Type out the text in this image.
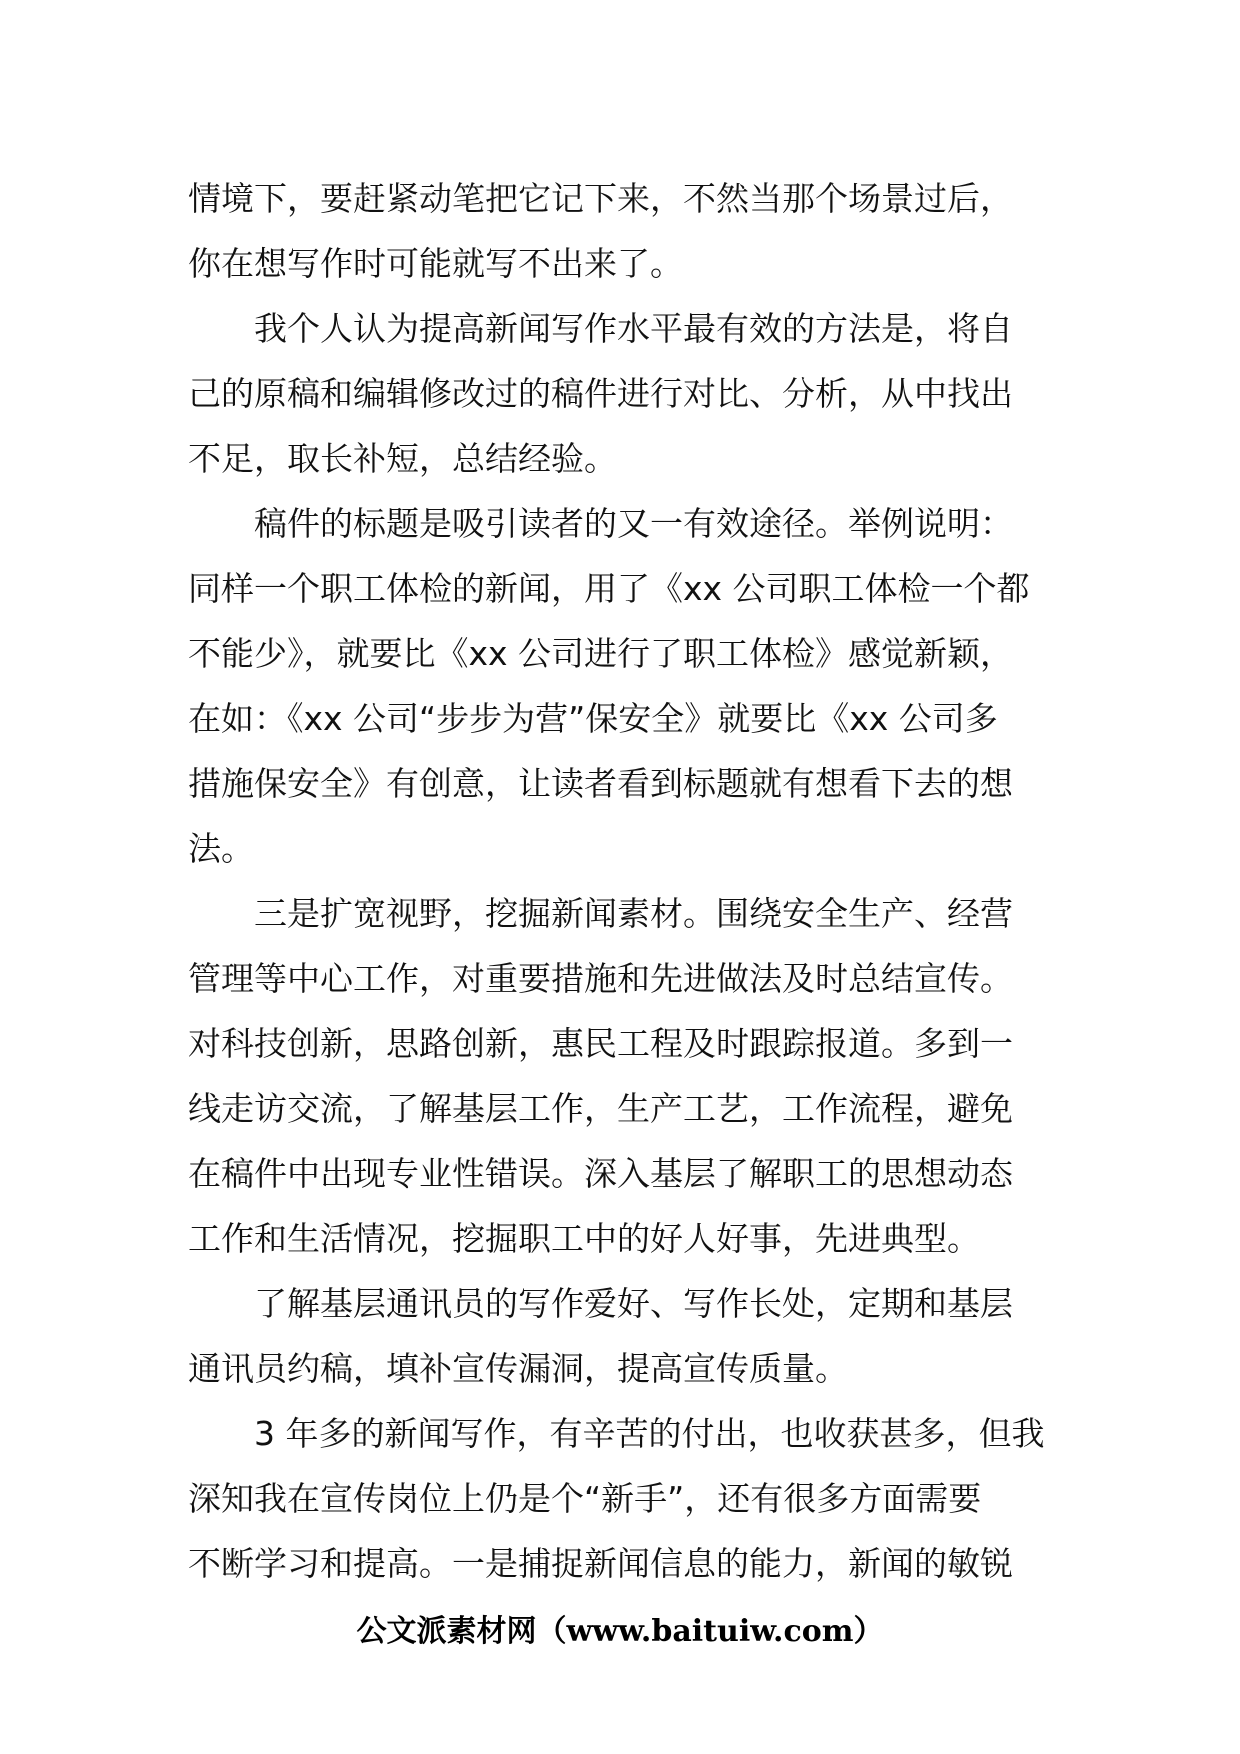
情境下，要赶紧动笔把它记下来，不然当那个场景过后，
你在想写作时可能就写不出来了。
我个人认为提高新闻写作水平最有效的方法是，将自
己的原稿和编辑修改过的稿件进行对比、分析，从中找出
不足，取长补短，总结经验。
稿件的标题是吸引读者的又一有效途径。举例说明：
同样一个职工体检的新闻，用了《xx 公司职工体检一个都
不能少》，就要比《xx 公司进行了职工体检》感觉新颖，
在如：《xx 公司“步步为营”保安全》就要比《xx 公司多
措施保安全》有创意，让读者看到标题就有想看下去的想
法。
三是扩宽视野，挖掘新闻素材。围绕安全生产、经营
管理等中心工作，对重要措施和先进做法及时总结宣传。
对科技创新，思路创新，惠民工程及时跟踪报道。多到一
线走访交流，了解基层工作，生产工艺，工作流程，避免
在稿件中出现专业性错误。深入基层了解职工的思想动态
工作和生活情况，挖掘职工中的好人好事，先进典型。
了解基层通讯员的写作爱好、写作长处，定期和基层
通讯员约稿，填补宣传漏洞，提高宣传质量。
3 年多的新闻写作，有辛苦的付出，也收获甚多，但我
深知我在宣传岗位上仍是个“新手”，还有很多方面需要
不断学习和提高。一是捕捉新闻信息的能力，新闻的敏锐
公文派素材网（www.baituiw.com）
